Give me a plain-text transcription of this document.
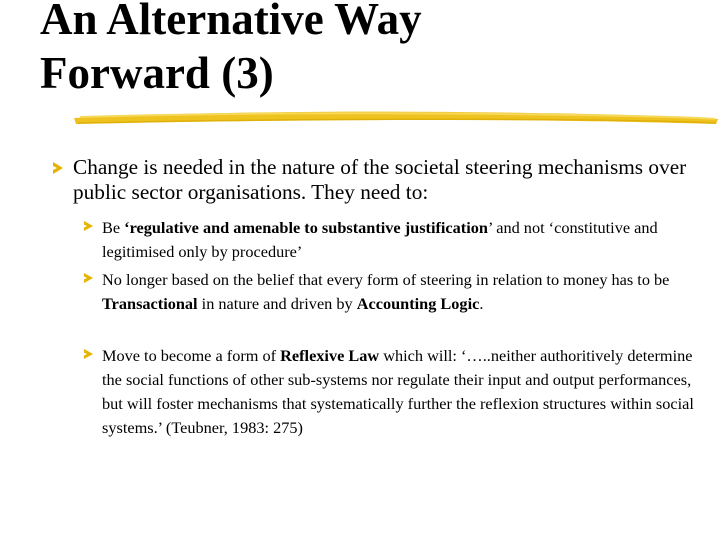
An Alternative Way
Forward (3)
Change is needed in the nature of the societal steering mechanisms over public sector organisations. They need to:
Be ‘regulative and amenable to substantive justification’ and not ‘constitutive and legitimised only by procedure’
No longer based on the belief that every form of steering in relation to money has to be Transactional in nature and driven by Accounting Logic.
Move to become a form of Reflexive Law which will: ‘…..neither authoritively determine the social functions of other sub-systems nor regulate their input and output performances, but will foster mechanisms that systematically further the reflexion structures within social systems.’ (Teubner, 1983: 275)
